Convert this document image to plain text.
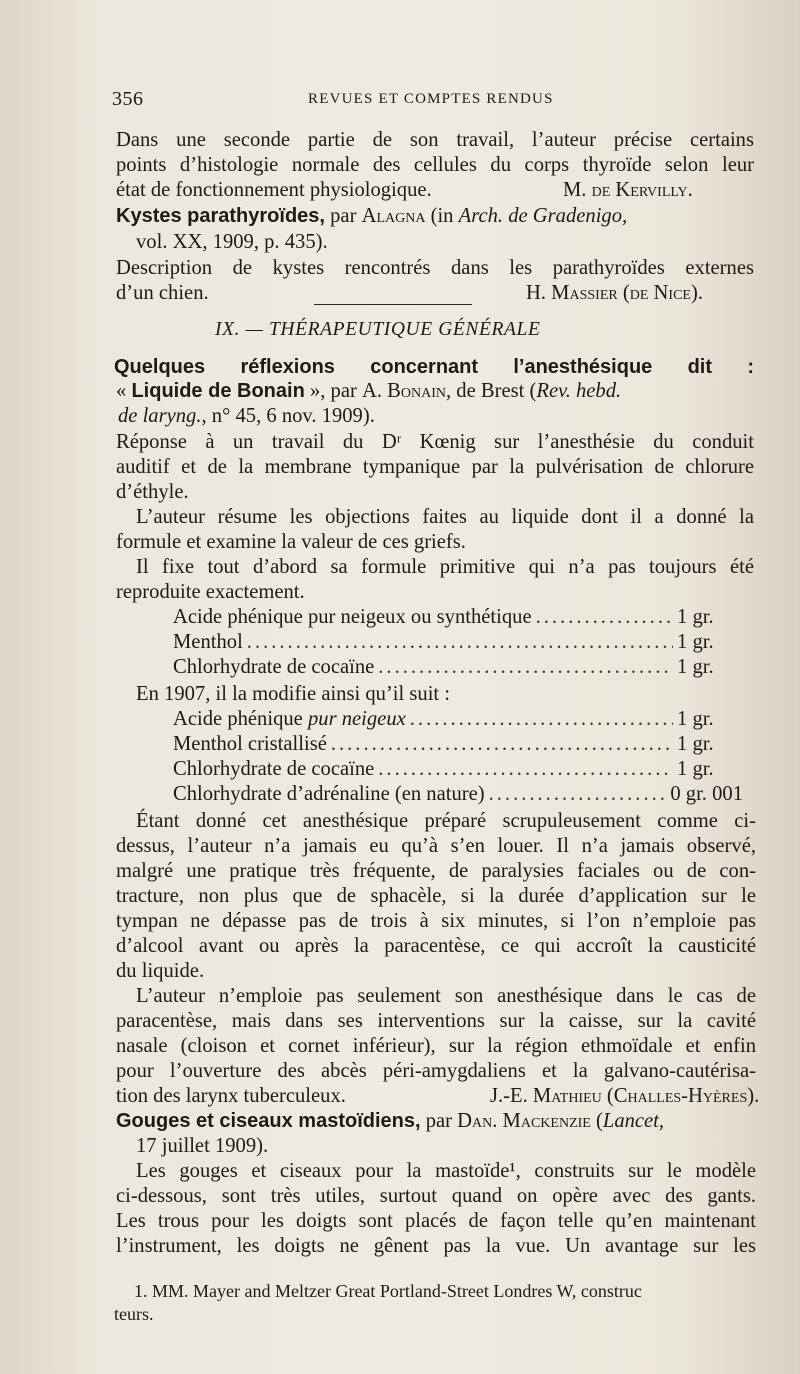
356	REVUES ET COMPTES RENDUS
Dans une seconde partie de son travail, l’auteur précise certains
points d’histologie normale des cellules du corps thyroïde selon leur
état de fonctionnement physiologique.	M. de Kervilly.
Kystes parathyroïdes, par Alagna (in Arch. de Gradenigo,
vol. XX, 1909, p. 435).
Description de kystes rencontrés dans les parathyroïdes externes
d’un chien.	H. Massier (de Nice).
IX. — THÉRAPEUTIQUE GÉNÉRALE
Quelques réflexions concernant l’anesthésique dit :
« Liquide de Bonain », par A. Bonain, de Brest (Rev. hebd.
de laryng., n° 45, 6 nov. 1909).
Réponse à un travail du Dʳ Kœnig sur l’anesthésie du conduit
auditif et de la membrane tympanique par la pulvérisation de chlorure
d’éthyle.
L’auteur résume les objections faites au liquide dont il a donné la
formule et examine la valeur de ces griefs.
Il fixe tout d’abord sa formule primitive qui n’a pas toujours été
reproduite exactement.
Acide phénique pur neigeux ou synthétique .....	1 gr.
Menthol .....	1 gr.
Chlorhydrate de cocaïne .....	1 gr.
En 1907, il la modifie ainsi qu’il suit :
Acide phénique pur neigeux .....	1 gr.
Menthol cristallisé .....	1 gr.
Chlorhydrate de cocaïne .....	1 gr.
Chlorhydrate d’adrénaline (en nature) .....	0 gr. 001
Étant donné cet anesthésique préparé scrupuleusement comme ci-
dessus, l’auteur n’a jamais eu qu’à s’en louer. Il n’a jamais observé,
malgré une pratique très fréquente, de paralysies faciales ou de con-
tracture, non plus que de sphacèle, si la durée d’application sur le
tympan ne dépasse pas de trois à six minutes, si l’on n’emploie pas
d’alcool avant ou après la paracentèse, ce qui accroît la causticité
du liquide.
L’auteur n’emploie pas seulement son anesthésique dans le cas de
paracentèse, mais dans ses interventions sur la caisse, sur la cavité
nasale (cloison et cornet inférieur), sur la région ethmoïdale et enfin
pour l’ouverture des abcès péri-amygdaliens et la galvano-cautérisa-
tion des larynx tuberculeux.	J.-E. Mathieu (Challes-Hyères).
Gouges et ciseaux mastoïdiens, par Dan. Mackenzie (Lancet,
17 juillet 1909).
Les gouges et ciseaux pour la mastoïde¹, construits sur le modèle
ci-dessous, sont très utiles, surtout quand on opère avec des gants.
Les trous pour les doigts sont placés de façon telle qu’en maintenant
l’instrument, les doigts ne gênent pas la vue. Un avantage sur les
1. MM. Mayer and Meltzer Great Portland-Street Londres W, construc
teurs.
